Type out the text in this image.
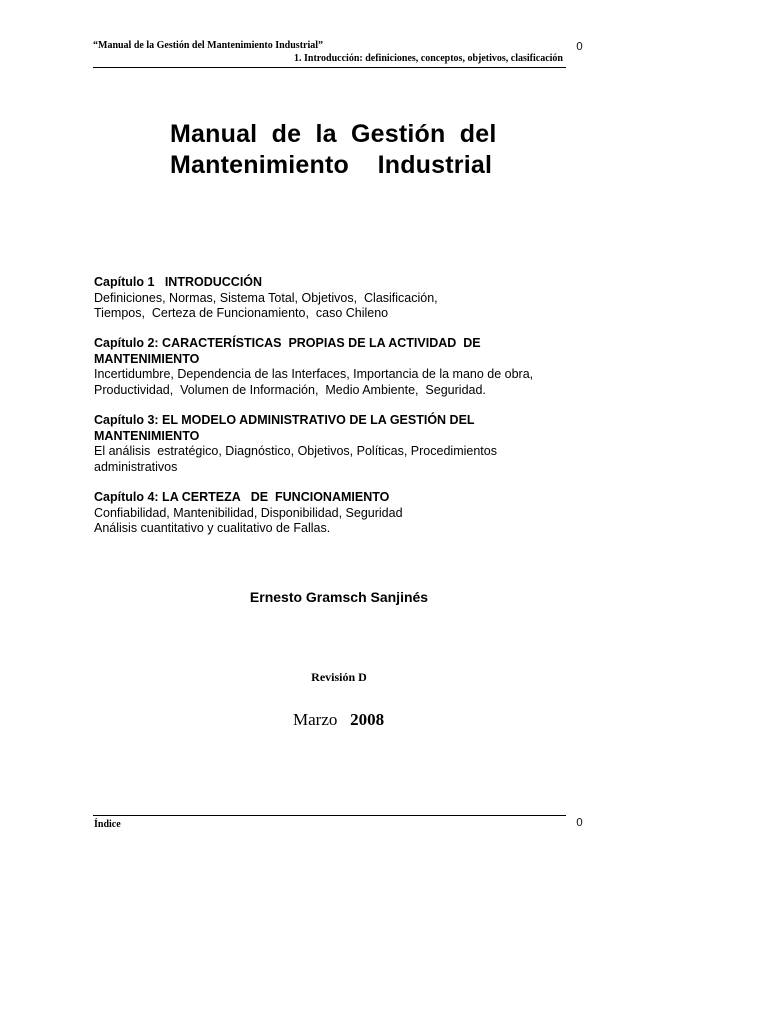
“Manual de la Gestión del Mantenimiento Industrial”	0
1. Introducción: definiciones, conceptos, objetivos, clasificación
Manual  de  la  Gestión  del
Mantenimiento    Industrial
Capítulo 1   INTRODUCCIÓN
Definiciones, Normas, Sistema Total, Objetivos,  Clasificación,
Tiempos,  Certeza de Funcionamiento,  caso Chileno
Capítulo 2: CARACTERÍSTICAS  PROPIAS DE LA ACTIVIDAD  DE MANTENIMIENTO
Incertidumbre, Dependencia de las Interfaces, Importancia de la mano de obra,
Productividad,  Volumen de Información,  Medio Ambiente,  Seguridad.
Capítulo 3: EL MODELO ADMINISTRATIVO DE LA GESTIÓN DEL MANTENIMIENTO
El análisis  estratégico, Diagnóstico, Objetivos, Políticas, Procedimientos
administrativos
Capítulo 4: LA CERTEZA   DE  FUNCIONAMIENTO
Confiabilidad, Mantenibilidad, Disponibilidad, Seguridad
Análisis cuantitativo y cualitativo de Fallas.
Ernesto Gramsch Sanjinés
Revisión D
Marzo 2008
Índice	0
